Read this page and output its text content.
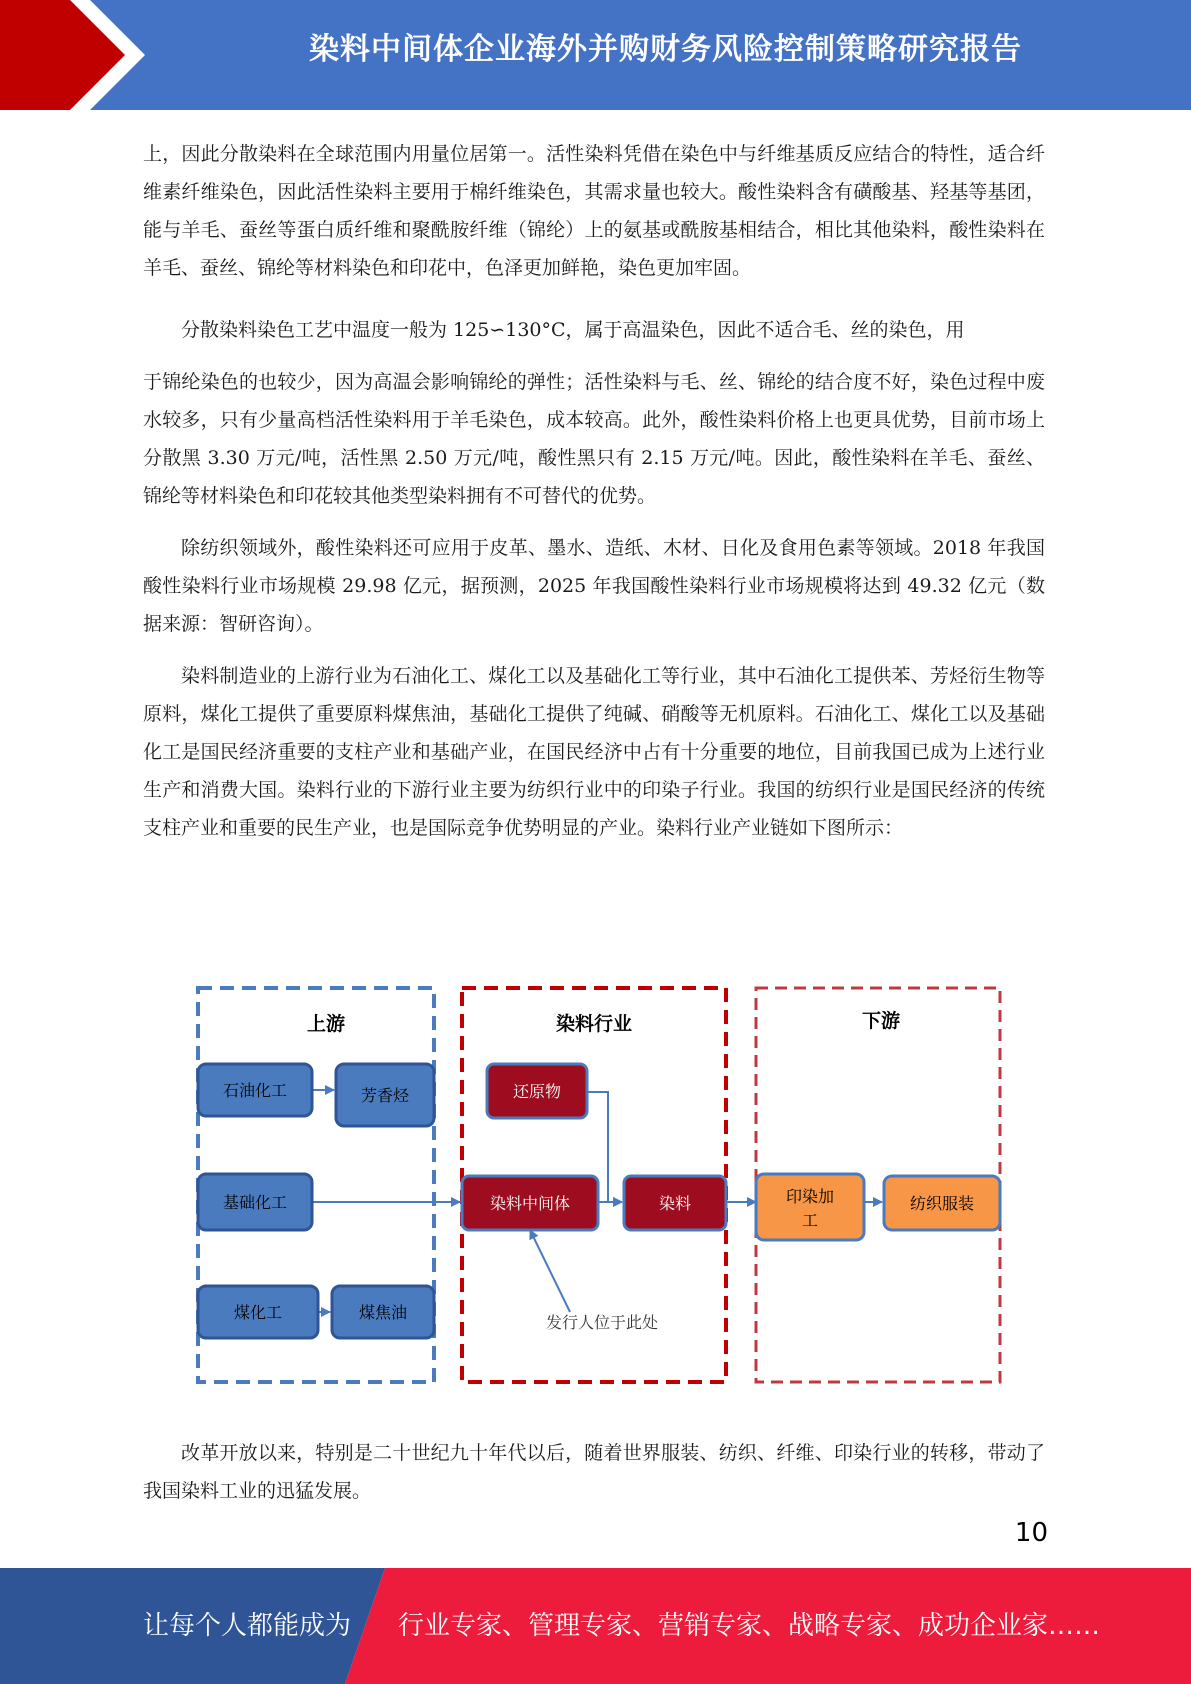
染料中间体企业海外并购财务风险控制策略研究报告

上，因此分散染料在全球范围内用量位居第一。活性染料凭借在染色中与纤维基质反应结合的特性，适合纤维素纤维染色，因此活性染料主要用于棉纤维染色，其需求量也较大。酸性染料含有磺酸基、羟基等基团，能与羊毛、蚕丝等蛋白质纤维和聚酰胺纤维（锦纶）上的氨基或酰胺基相结合，相比其他染料，酸性染料在羊毛、蚕丝、锦纶等材料染色和印花中，色泽更加鲜艳，染色更加牢固。

分散染料染色工艺中温度一般为 125∽130°C，属于高温染色，因此不适合毛、丝的染色，用

于锦纶染色的也较少，因为高温会影响锦纶的弹性；活性染料与毛、丝、锦纶的结合度不好，染色过程中废水较多，只有少量高档活性染料用于羊毛染色，成本较高。此外，酸性染料价格上也更具优势，目前市场上分散黑 3.30 万元/吨，活性黑 2.50 万元/吨，酸性黑只有 2.15 万元/吨。因此，酸性染料在羊毛、蚕丝、锦纶等材料染色和印花较其他类型染料拥有不可替代的优势。

除纺织领域外，酸性染料还可应用于皮革、墨水、造纸、木材、日化及食用色素等领域。2018 年我国酸性染料行业市场规模 29.98 亿元，据预测，2025 年我国酸性染料行业市场规模将达到 49.32 亿元（数据来源：智研咨询）。

染料制造业的上游行业为石油化工、煤化工以及基础化工等行业，其中石油化工提供苯、芳烃衍生物等原料，煤化工提供了重要原料煤焦油，基础化工提供了纯碱、硝酸等无机原料。石油化工、煤化工以及基础化工是国民经济重要的支柱产业和基础产业，在国民经济中占有十分重要的地位，目前我国已成为上述行业生产和消费大国。染料行业的下游行业主要为纺织行业中的印染子行业。我国的纺织行业是国民经济的传统支柱产业和重要的民生产业，也是国际竞争优势明显的产业。染料行业产业链如下图所示：

上游	染料行业	下游
石油化工	芳香烃
基础化工
煤化工	煤焦油
还原物
染料中间体	染料
发行人位于此处
印染加
工
纺织服装

改革开放以来，特别是二十世纪九十年代以后，随着世界服装、纺织、纤维、印染行业的转移，带动了我国染料工业的迅猛发展。

10
让每个人都能成为 行业专家、管理专家、营销专家、战略专家、成功企业家……
